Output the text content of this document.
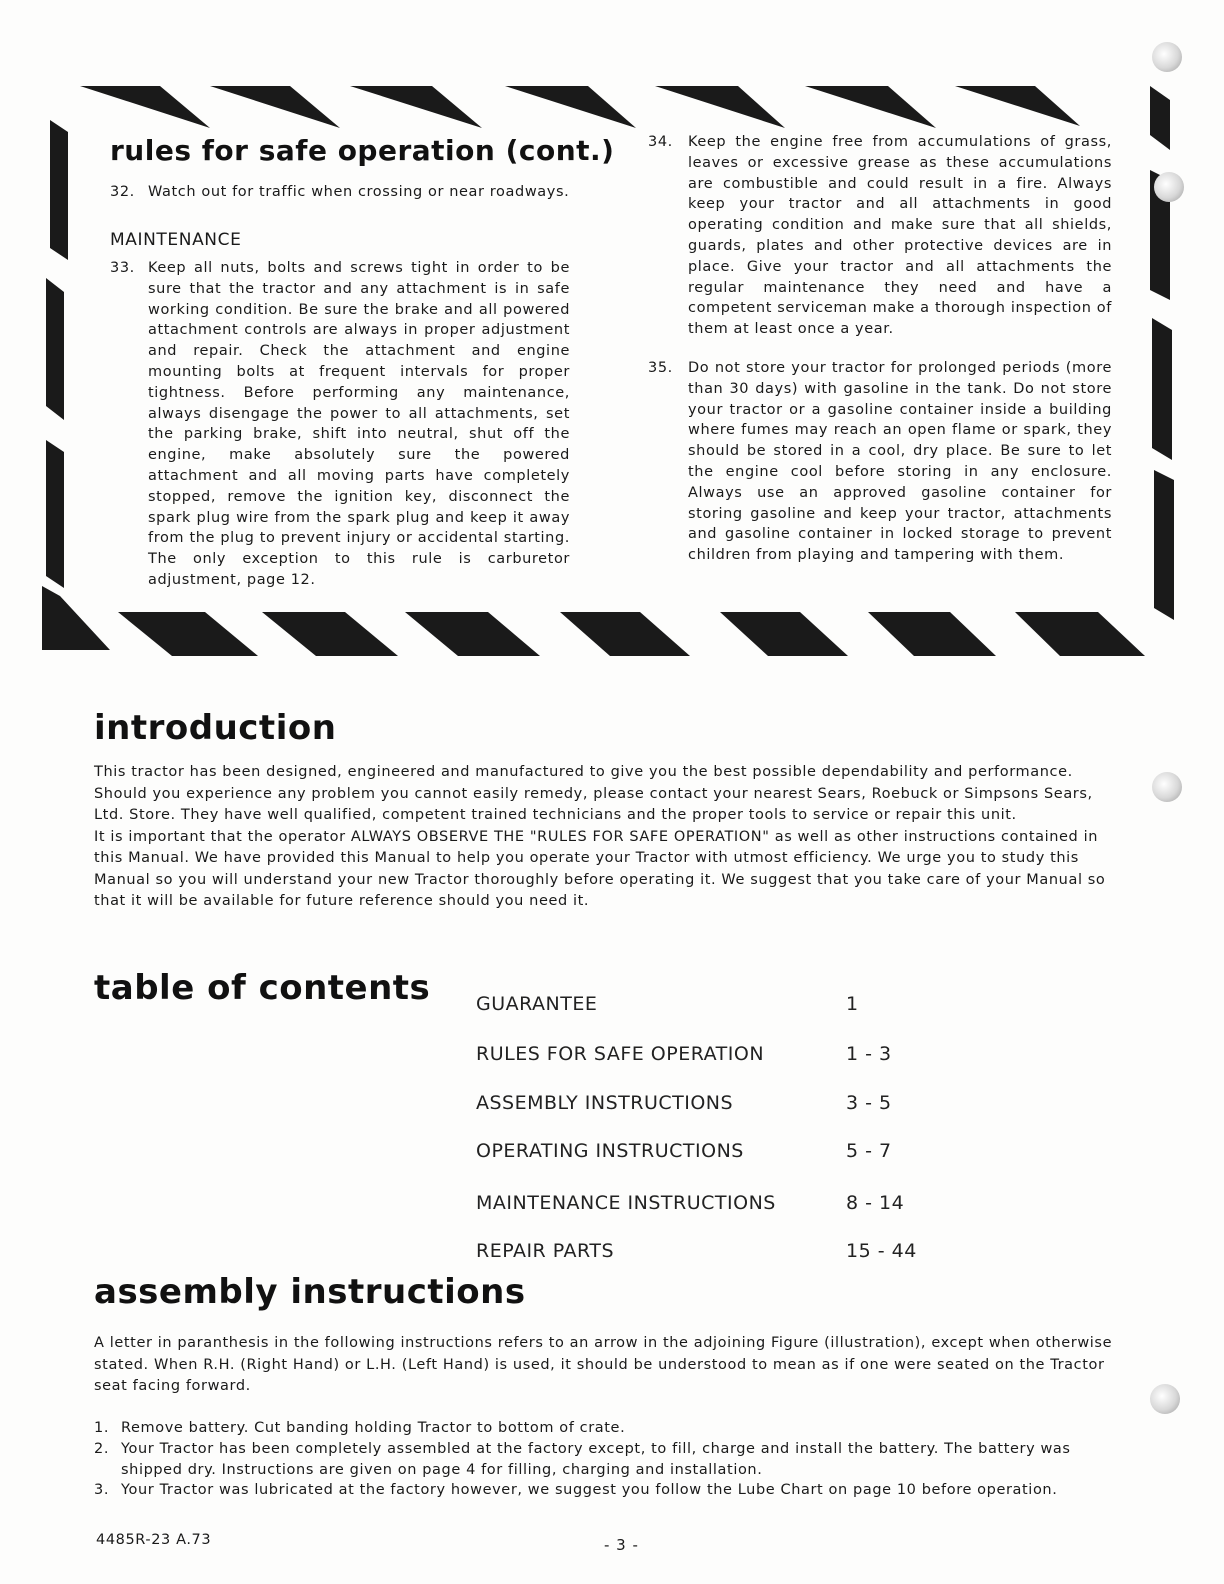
rules for safe operation (cont.)
32. Watch out for traffic when crossing or near roadways.
MAINTENANCE
33. Keep all nuts, bolts and screws tight in order to be sure that the tractor and any attachment is in safe working condition. Be sure the brake and all powered attachment controls are always in proper adjustment and repair. Check the attachment and engine mounting bolts at frequent intervals for proper tightness. Before performing any maintenance, always disengage the power to all attachments, set the parking brake, shift into neutral, shut off the engine, make absolutely sure the powered attachment and all moving parts have completely stopped, remove the ignition key, disconnect the spark plug wire from the spark plug and keep it away from the plug to prevent injury or accidental starting. The only exception to this rule is carburetor adjustment, page 12.
34. Keep the engine free from accumulations of grass, leaves or excessive grease as these accumulations are combustible and could result in a fire. Always keep your tractor and all attachments in good operating condition and make sure that all shields, guards, plates and other protective devices are in place. Give your tractor and all attachments the regular maintenance they need and have a competent serviceman make a thorough inspection of them at least once a year.
35. Do not store your tractor for prolonged periods (more than 30 days) with gasoline in the tank. Do not store your tractor or a gasoline container inside a building where fumes may reach an open flame or spark, they should be stored in a cool, dry place. Be sure to let the engine cool before storing in any enclosure. Always use an approved gasoline container for storing gasoline and keep your tractor, attachments and gasoline container in locked storage to prevent children from playing and tampering with them.
introduction
This tractor has been designed, engineered and manufactured to give you the best possible dependability and performance.
Should you experience any problem you cannot easily remedy, please contact your nearest Sears, Roebuck or Simpsons Sears, Ltd. Store. They have well qualified, competent trained technicians and the proper tools to service or repair this unit.
It is important that the operator ALWAYS OBSERVE THE "RULES FOR SAFE OPERATION" as well as other instructions contained in this Manual. We have provided this Manual to help you operate your Tractor with utmost efficiency. We urge you to study this Manual so you will understand your new Tractor thoroughly before operating it. We suggest that you take care of your Manual so that it will be available for future reference should you need it.
table of contents GUARANTEE	1
RULES FOR SAFE OPERATION	1 - 3
ASSEMBLY INSTRUCTIONS	3 - 5
OPERATING INSTRUCTIONS	5 - 7
MAINTENANCE INSTRUCTIONS	8 - 14
REPAIR PARTS	15 - 44
assembly instructions
A letter in paranthesis in the following instructions refers to an arrow in the adjoining Figure (illustration), except when otherwise stated. When R.H. (Right Hand) or L.H. (Left Hand) is used, it should be understood to mean as if one were seated on the Tractor seat facing forward.
1. Remove battery. Cut banding holding Tractor to bottom of crate.
2. Your Tractor has been completely assembled at the factory except, to fill, charge and install the battery. The battery was shipped dry. Instructions are given on page 4 for filling, charging and installation.
3. Your Tractor was lubricated at the factory however, we suggest you follow the Lube Chart on page 10 before operation.
4485R-23 A.73	- 3 -
